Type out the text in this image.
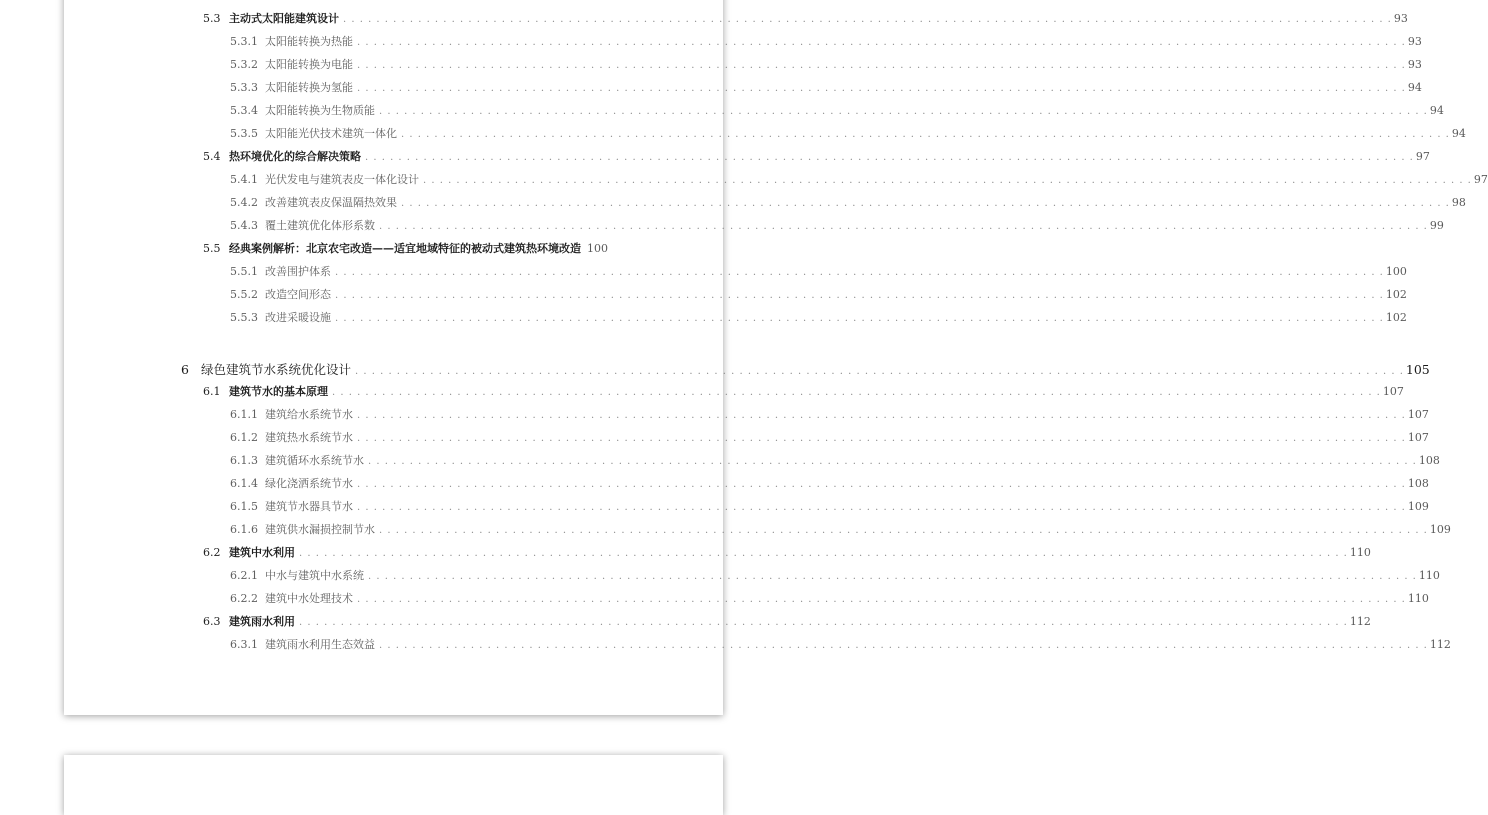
5.3 主动式太阳能建筑设计 . . .	93
5.3.1 太阳能转换为热能 . . .	93
5.3.2 太阳能转换为电能 . . .	93
5.3.3 太阳能转换为氢能 . . .	94
5.3.4 太阳能转换为生物质能 . . .	94
5.3.5 太阳能光伏技术建筑一体化 . . .	94
5.4 热环境优化的综合解决策略 . . .	97
5.4.1 光伏发电与建筑表皮一体化设计 . . .	97
5.4.2 改善建筑表皮保温隔热效果 . . .	98
5.4.3 覆土建筑优化体形系数 . . .	99
5.5 经典案例解析：北京农宅改造——适宜地域特征的被动式建筑热环境改造 100
5.5.1 改善围护体系 . . .	100
5.5.2 改造空间形态 . . .	102
5.5.3 改进采暖设施 . . .	102
6 绿色建筑节水系统优化设计 . . .	105
6.1 建筑节水的基本原理 . . .	107
6.1.1 建筑给水系统节水 . . .	107
6.1.2 建筑热水系统节水 . . .	107
6.1.3 建筑循环水系统节水 . . .	108
6.1.4 绿化浇洒系统节水 . . .	108
6.1.5 建筑节水器具节水 . . .	109
6.1.6 建筑供水漏损控制节水 . . .	109
6.2 建筑中水利用 . . .	110
6.2.1 中水与建筑中水系统 . . .	110
6.2.2 建筑中水处理技术 . . .	110
6.3 建筑雨水利用 . . .	112
6.3.1 建筑雨水利用生态效益 . . .	112
